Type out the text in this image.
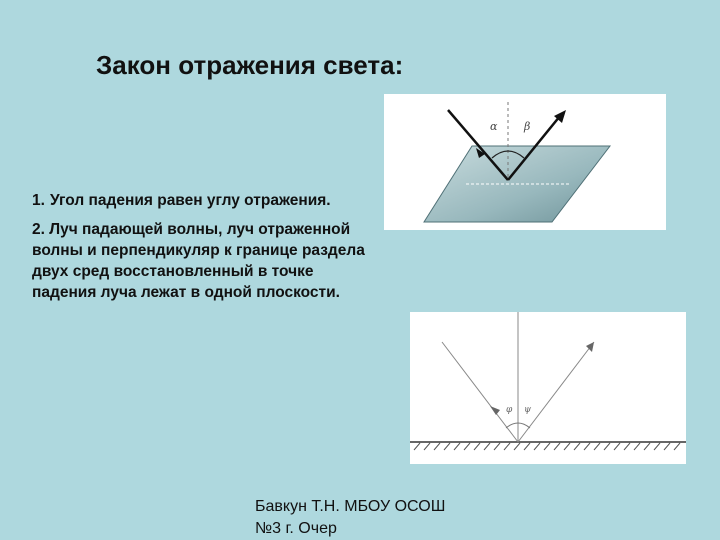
Закон отражения света:
1. Угол падения равен углу отражения.
2. Луч падающей волны, луч отраженной волны и перпендикуляр к границе раздела двух сред восстановленный в точке падения луча лежат в одной плоскости.
α β
φ ψ
Бавкун Т.Н. МБОУ ОСОШ
№3 г. Очер
